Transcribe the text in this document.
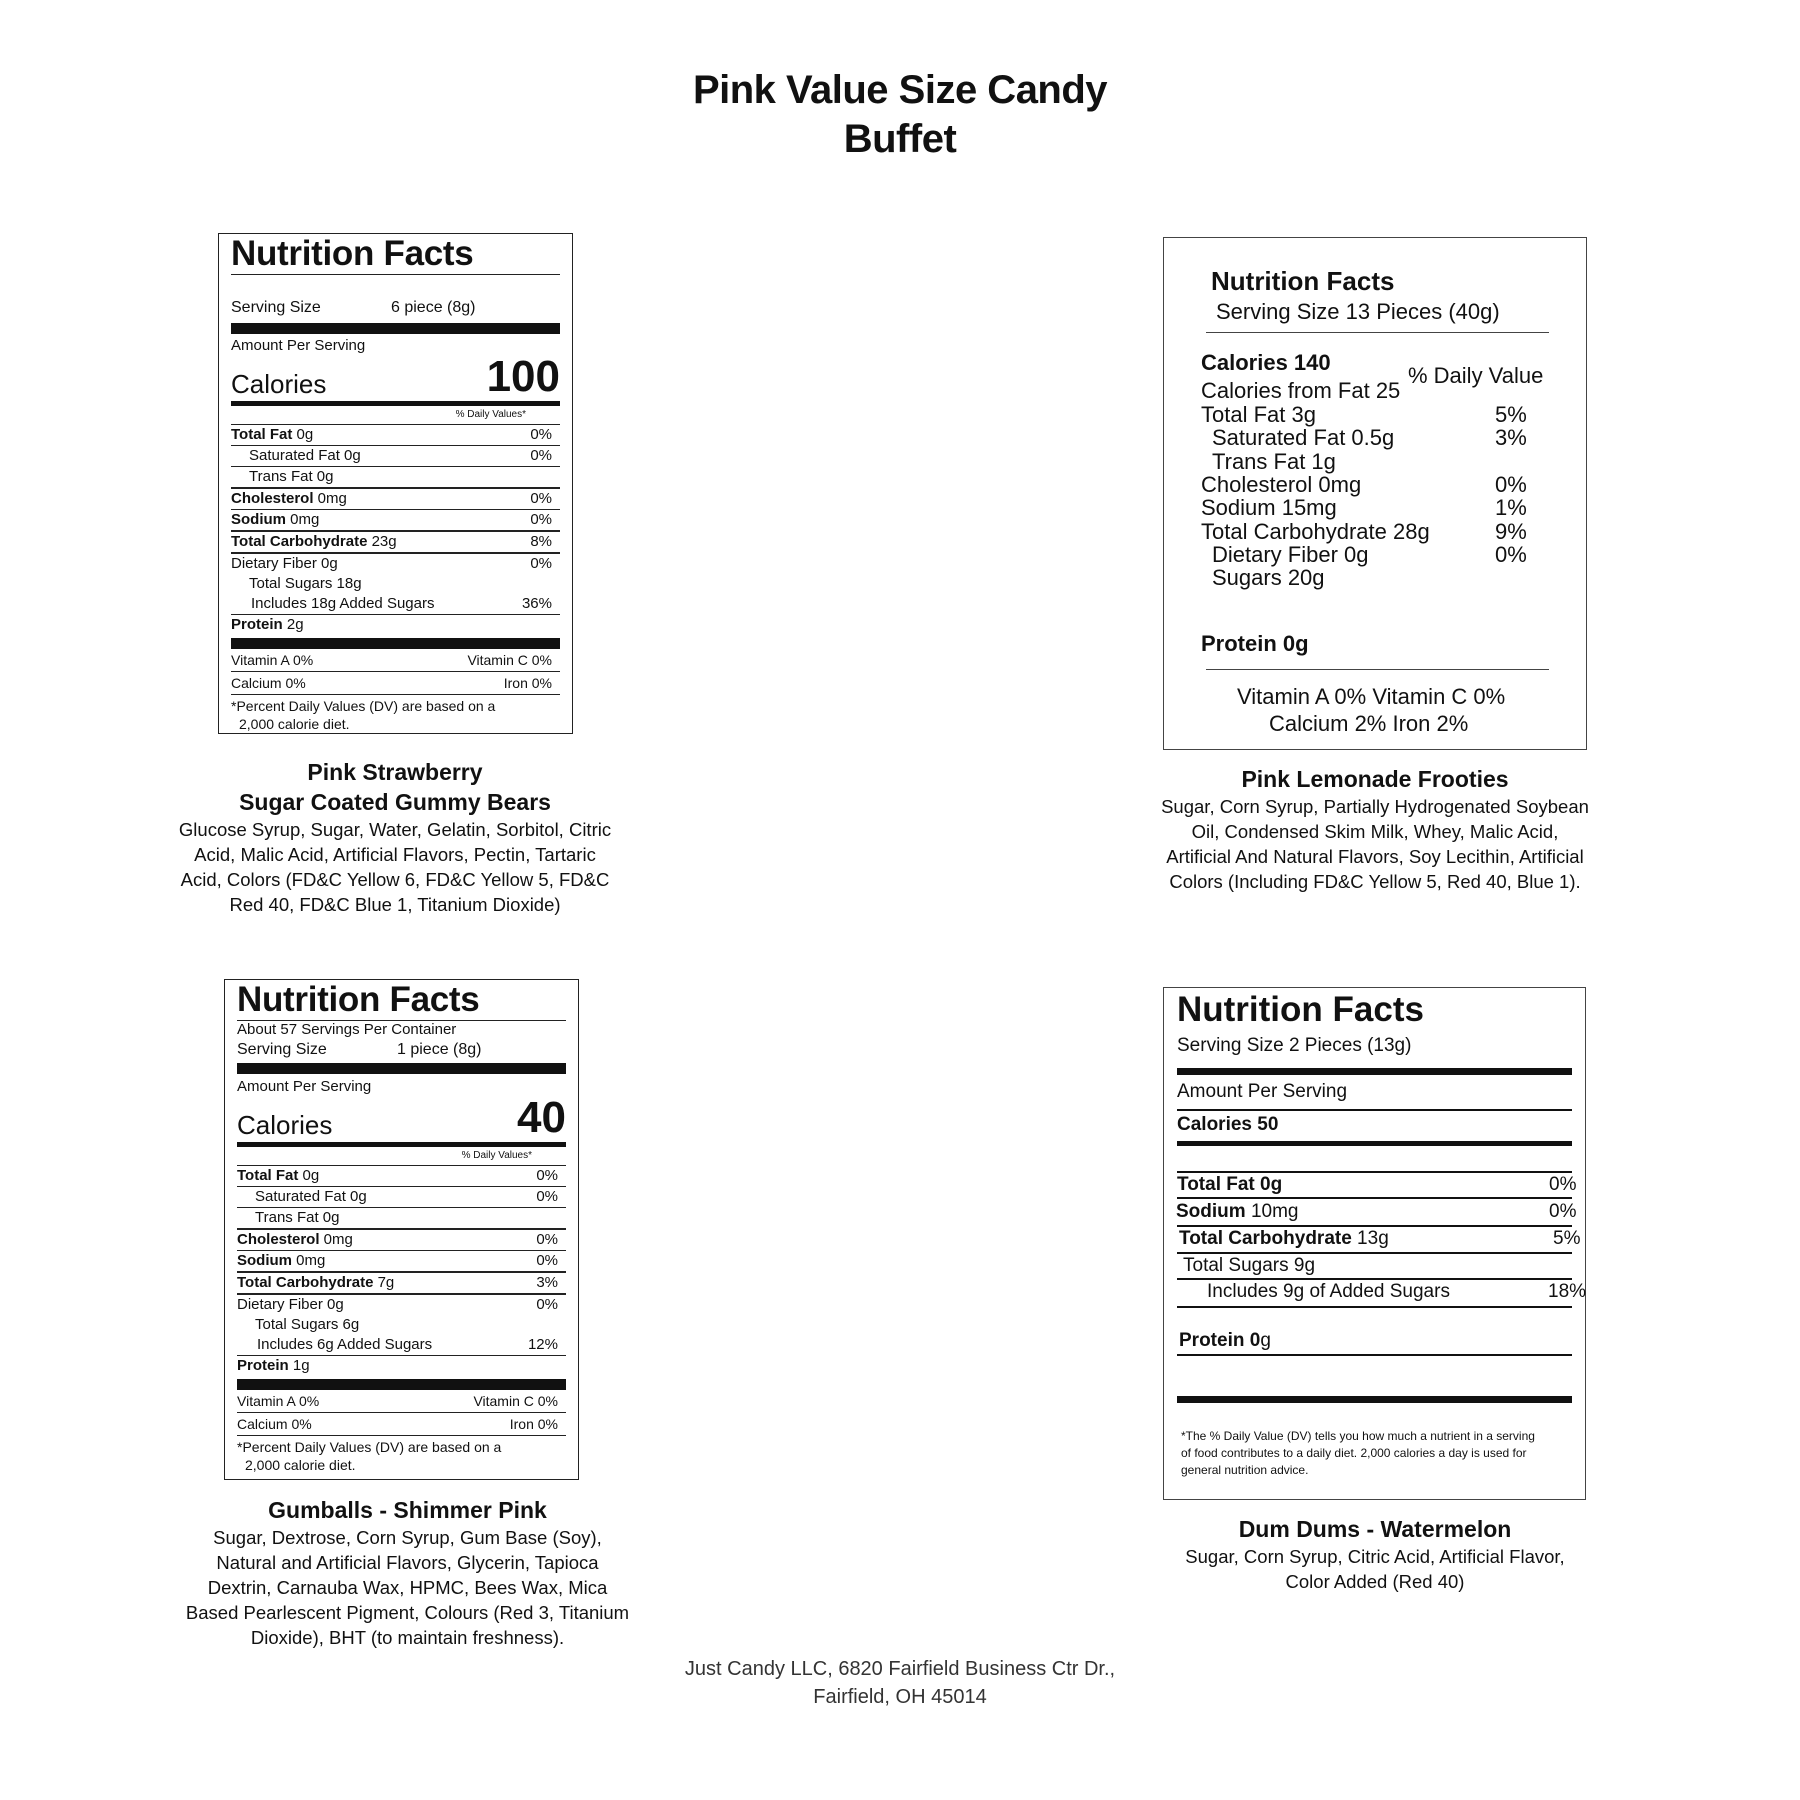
Pink Value Size Candy
Buffet
Nutrition Facts
Serving Size	6 piece (8g)
Amount Per Serving
Calories	100
% Daily Values*
Total Fat 0g	0%
Saturated Fat 0g	0%
Trans Fat 0g
Cholesterol 0mg	0%
Sodium 0mg	0%
Total Carbohydrate 23g	8%
Dietary Fiber 0g	0%
Total Sugars 18g
Includes 18g Added Sugars	36%
Protein 2g
Vitamin A 0%	Vitamin C 0%
Calcium 0%	Iron 0%
*Percent Daily Values (DV) are based on a
2,000 calorie diet.
Pink Strawberry
Sugar Coated Gummy Bears
Glucose Syrup, Sugar, Water, Gelatin, Sorbitol, Citric
Acid, Malic Acid, Artificial Flavors, Pectin, Tartaric
Acid, Colors (FD&C Yellow 6, FD&C Yellow 5, FD&C
Red 40, FD&C Blue 1, Titanium Dioxide)
Nutrition Facts
Serving Size 13 Pieces (40g)
Calories 140
% Daily Value
Calories from Fat 25
Total Fat 3g	5%
Saturated Fat 0.5g	3%
Trans Fat 1g
Cholesterol 0mg	0%
Sodium 15mg	1%
Total Carbohydrate 28g	9%
Dietary Fiber 0g	0%
Sugars 20g
Protein 0g
Vitamin A 0% Vitamin C 0%
Calcium 2% Iron 2%
Pink Lemonade Frooties
Sugar, Corn Syrup, Partially Hydrogenated Soybean
Oil, Condensed Skim Milk, Whey, Malic Acid,
Artificial And Natural Flavors, Soy Lecithin, Artificial
Colors (Including FD&C Yellow 5, Red 40, Blue 1).
Nutrition Facts
About 57 Servings Per Container
Serving Size	1 piece (8g)
Amount Per Serving
Calories	40
% Daily Values*
Total Fat 0g	0%
Saturated Fat 0g	0%
Trans Fat 0g
Cholesterol 0mg	0%
Sodium 0mg	0%
Total Carbohydrate 7g	3%
Dietary Fiber 0g	0%
Total Sugars 6g
Includes 6g Added Sugars	12%
Protein 1g
Vitamin A 0%	Vitamin C 0%
Calcium 0%	Iron 0%
*Percent Daily Values (DV) are based on a
2,000 calorie diet.
Gumballs - Shimmer Pink
Sugar, Dextrose, Corn Syrup, Gum Base (Soy),
Natural and Artificial Flavors, Glycerin, Tapioca
Dextrin, Carnauba Wax, HPMC, Bees Wax, Mica
Based Pearlescent Pigment, Colours (Red 3, Titanium
Dioxide), BHT (to maintain freshness).
Nutrition Facts
Serving Size 2 Pieces (13g)
Amount Per Serving
Calories 50
Total Fat 0g	0%
Sodium 10mg	0%
Total Carbohydrate 13g	5%
Total Sugars 9g
Includes 9g of Added Sugars	18%
Protein 0g
*The % Daily Value (DV) tells you how much a nutrient in a serving
of food contributes to a daily diet. 2,000 calories a day is used for
general nutrition advice.
Dum Dums - Watermelon
Sugar, Corn Syrup, Citric Acid, Artificial Flavor,
Color Added (Red 40)
Just Candy LLC, 6820 Fairfield Business Ctr Dr.,
Fairfield, OH 45014
